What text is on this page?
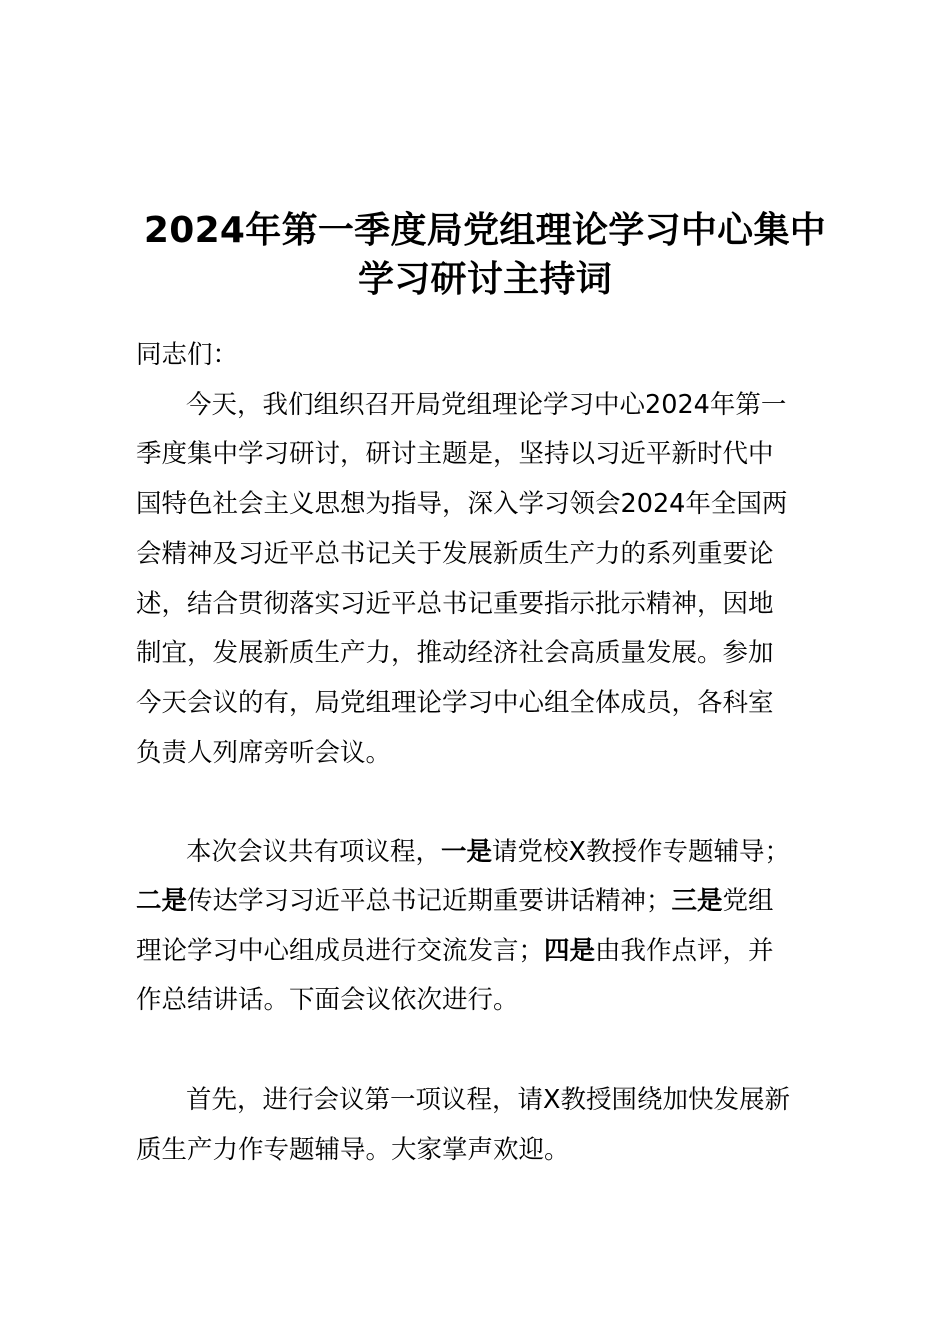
2024年第一季度局党组理论学习中心集中
学习研讨主持词
同志们：
今天，我们组织召开局党组理论学习中心2024年第一
季度集中学习研讨，研讨主题是，坚持以习近平新时代中
国特色社会主义思想为指导，深入学习领会2024年全国两
会精神及习近平总书记关于发展新质生产力的系列重要论
述，结合贯彻落实习近平总书记重要指示批示精神，因地
制宜，发展新质生产力，推动经济社会高质量发展。参加
今天会议的有，局党组理论学习中心组全体成员，各科室
负责人列席旁听会议。
本次会议共有项议程，一是请党校X教授作专题辅导；
二是传达学习习近平总书记近期重要讲话精神；三是党组
理论学习中心组成员进行交流发言；四是由我作点评，并
作总结讲话。下面会议依次进行。
首先，进行会议第一项议程，请X教授围绕加快发展新
质生产力作专题辅导。大家掌声欢迎。
